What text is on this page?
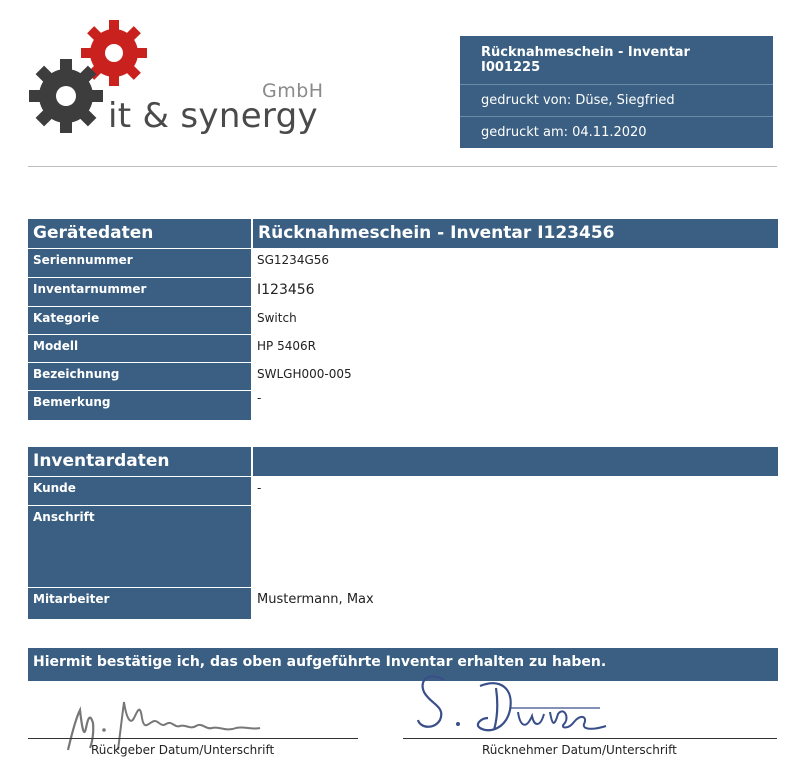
GmbH
it & synergy
Rücknahmeschein - Inventar I001225
gedruckt von: Düse, Siegfried
gedruckt am: 04.11.2020
Gerätedaten	Rücknahmeschein - Inventar I123456
Seriennummer	SG1234G56
Inventarnummer	I123456
Kategorie	Switch
Modell	HP 5406R
Bezeichnung	SWLGH000-005
Bemerkung	-
Inventardaten	
Kunde	-
Anschrift	
Mitarbeiter	Mustermann, Max
Hiermit bestätige ich, das oben aufgeführte Inventar erhalten zu haben.
Rückgeber Datum/Unterschrift	Rücknehmer Datum/Unterschrift
